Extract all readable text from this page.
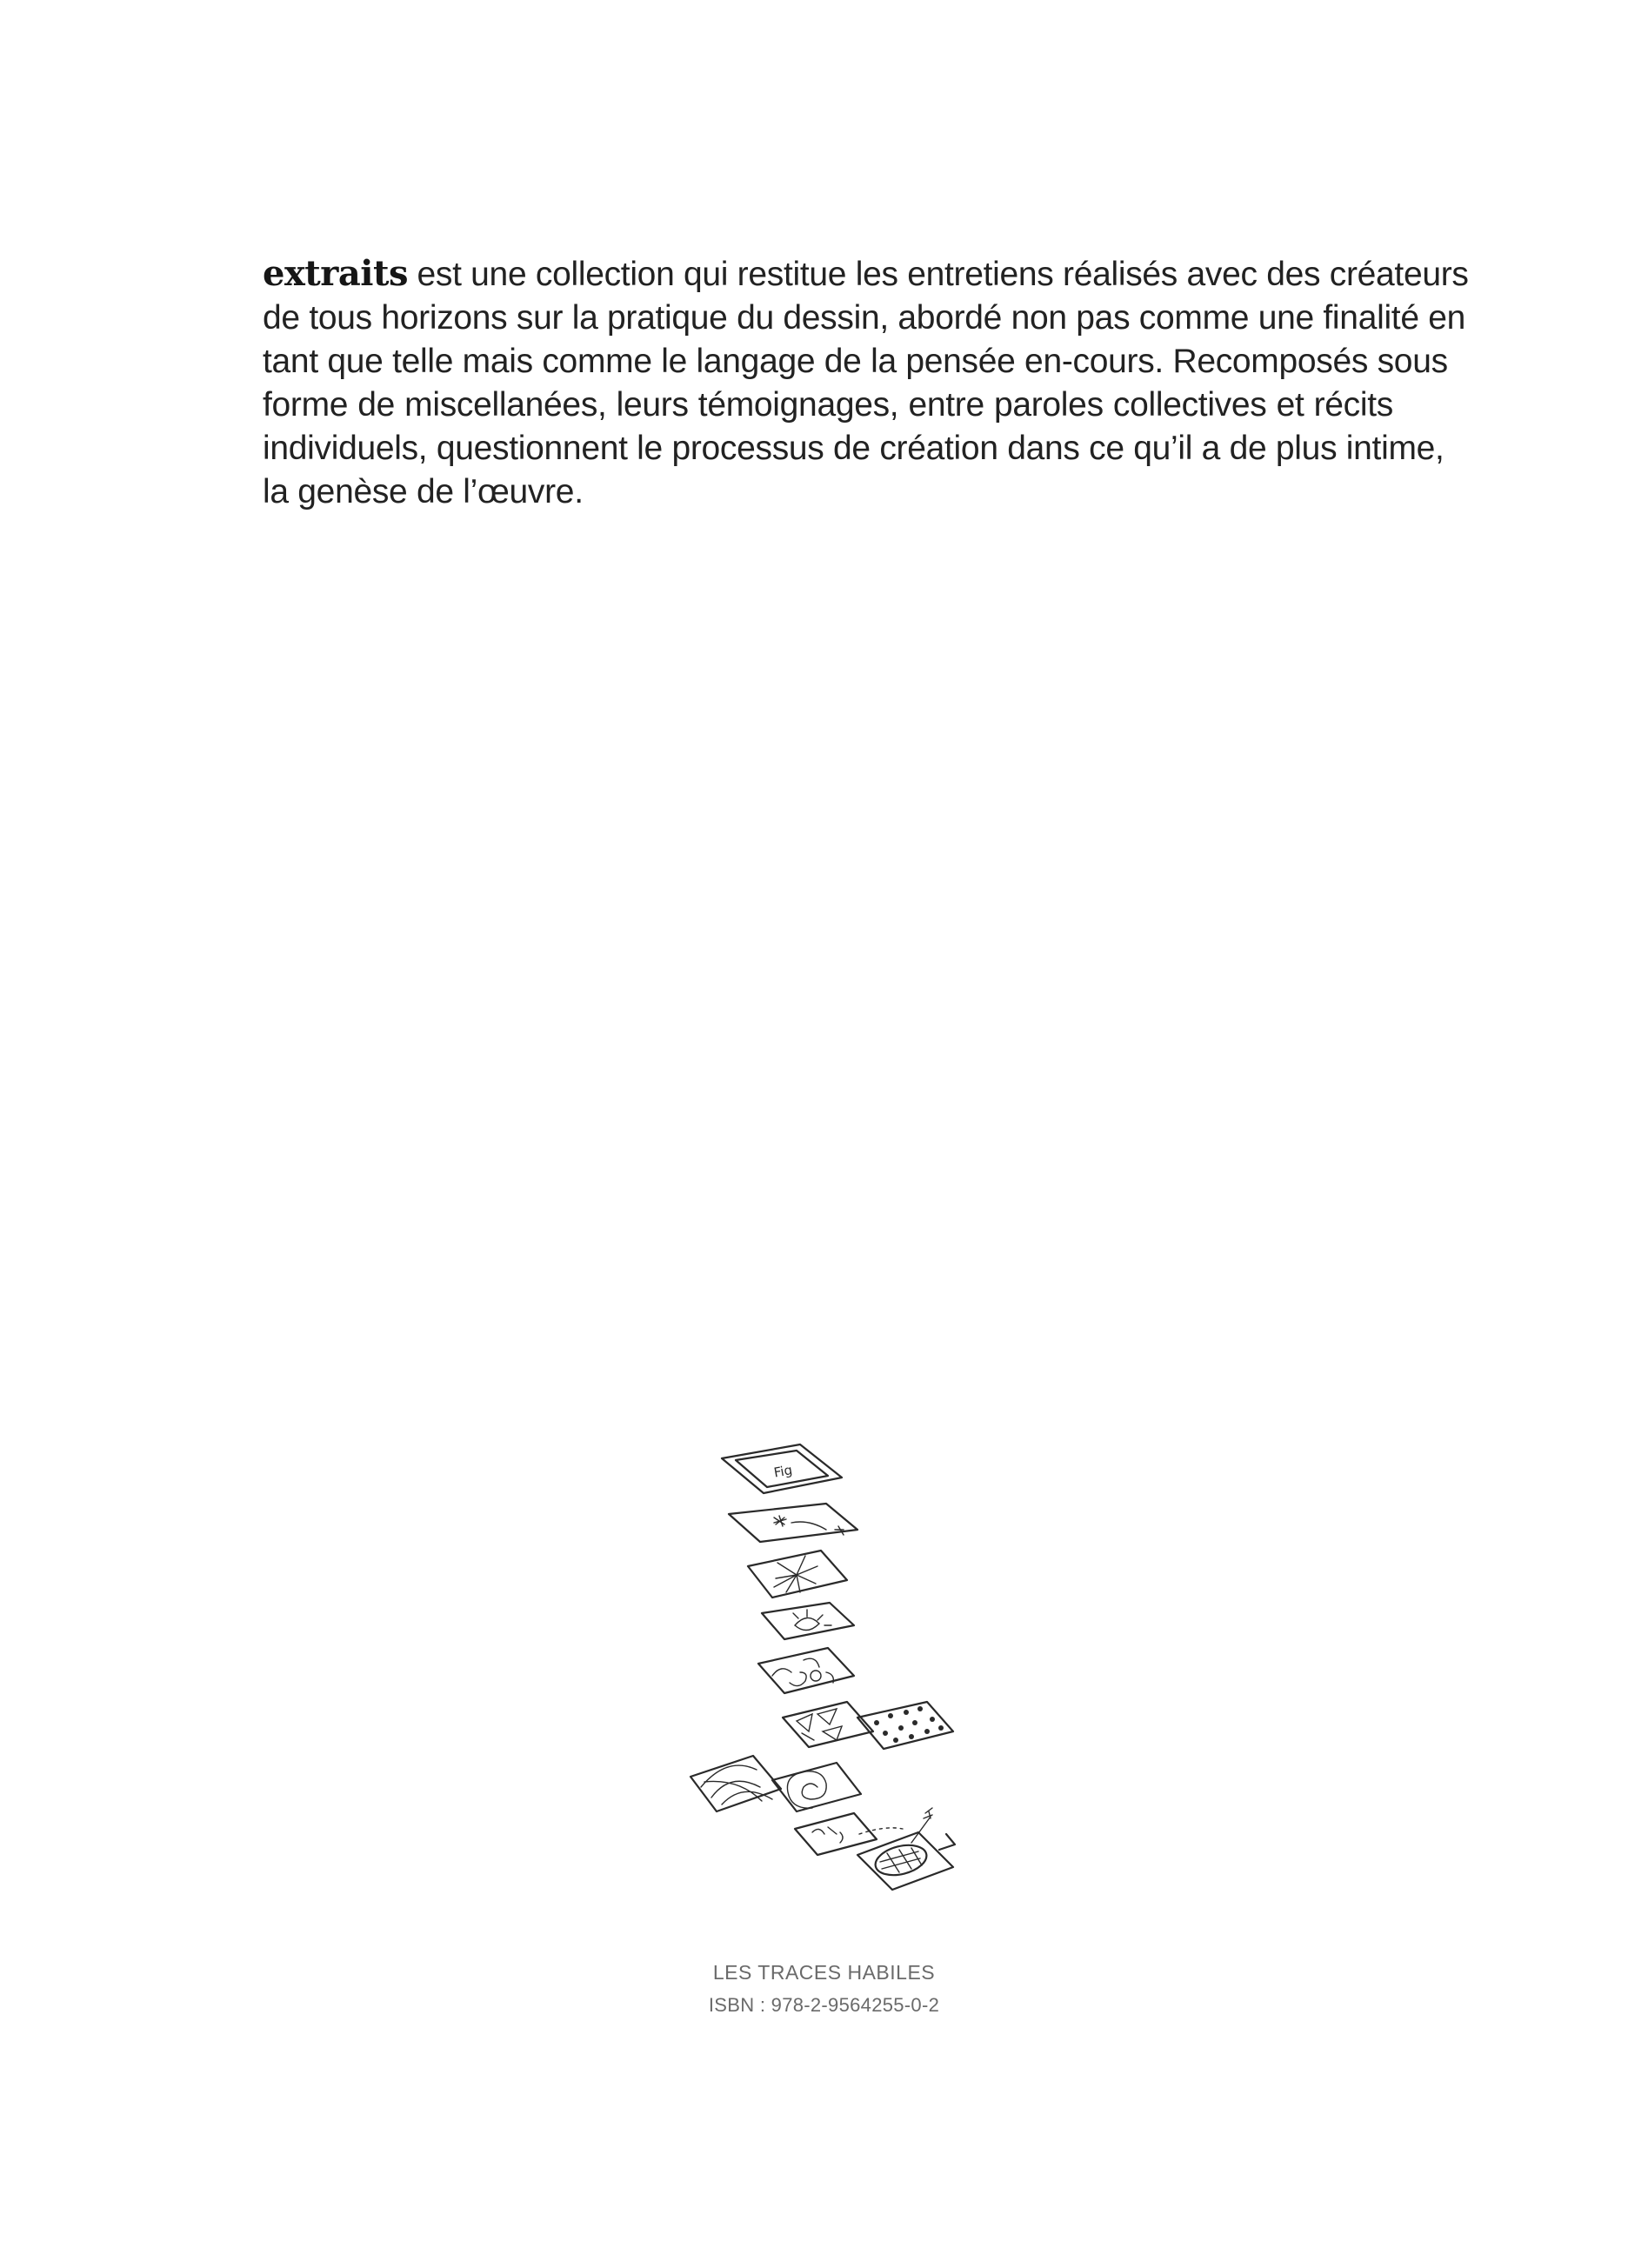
extraits est une collection qui restitue les entretiens réalisés avec des créateurs
de tous horizons sur la pratique du dessin, abordé non pas comme une finalité en
tant que telle mais comme le langage de la pensée en-cours. Recomposés sous
forme de miscellanées, leurs témoignages, entre paroles collectives et récits
individuels, questionnent le processus de création dans ce qu’il a de plus intime,
la genèse de l’œuvre.
Fig
LES TRACES HABILES
ISBN : 978-2-9564255-0-2
